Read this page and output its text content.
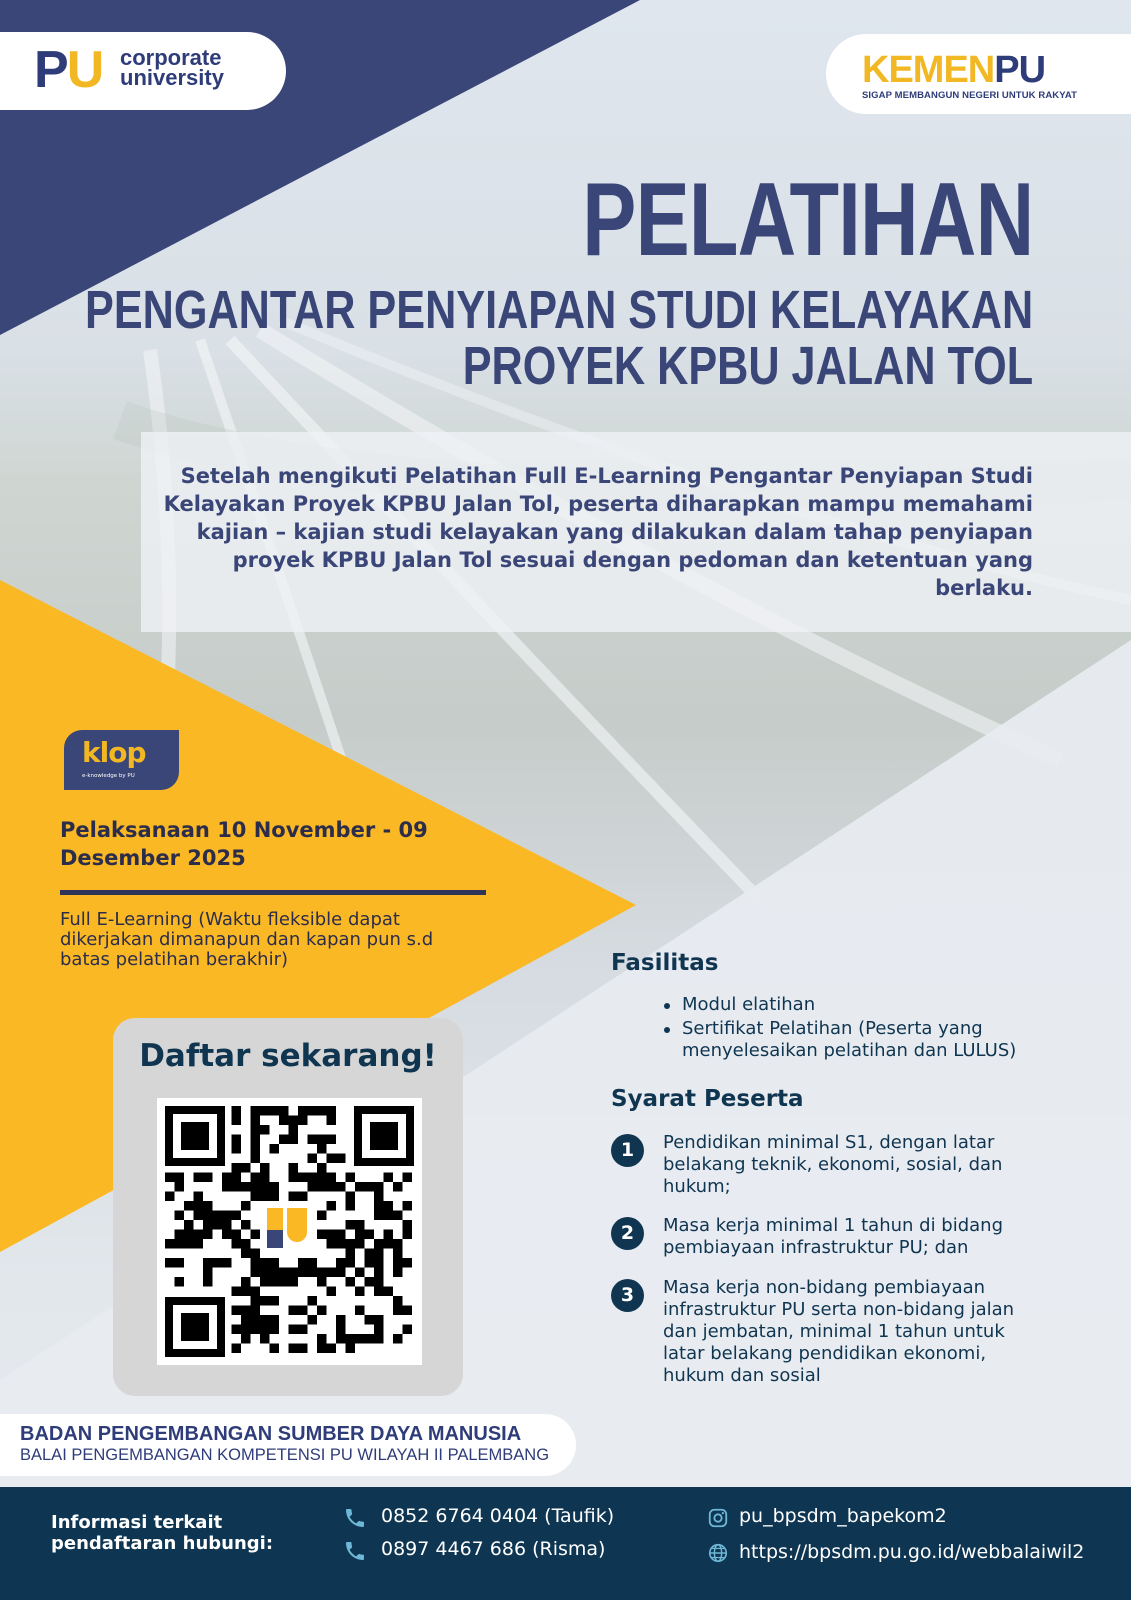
PU corporate
university	KEMENPU
SIGAP MEMBANGUN NEGERI UNTUK RAKYAT
PELATIHAN
PENGANTAR PENYIAPAN STUDI KELAYAKAN
PROYEK KPBU JALAN TOL
Setelah mengikuti Pelatihan Full E-Learning Pengantar Penyiapan Studi Kelayakan Proyek KPBU Jalan Tol, peserta diharapkan mampu memahami kajian – kajian studi kelayakan yang dilakukan dalam tahap penyiapan proyek KPBU Jalan Tol sesuai dengan pedoman dan ketentuan yang berlaku.
klop
e-knowledge by PU
Pelaksanaan 10 November - 09 Desember 2025
Full E-Learning (Waktu fleksible dapat dikerjakan dimanapun dan kapan pun s.d batas pelatihan berakhir)
Daftar sekarang!
Fasilitas
Modul elatihan
Sertifikat Pelatihan (Peserta yang menyelesaikan pelatihan dan LULUS)
Syarat Peserta
1	Pendidikan minimal S1, dengan latar belakang teknik, ekonomi, sosial, dan hukum;
2	Masa kerja minimal 1 tahun di bidang pembiayaan infrastruktur PU; dan
3	Masa kerja non-bidang pembiayaan infrastruktur PU serta non-bidang jalan dan jembatan, minimal 1 tahun untuk latar belakang pendidikan ekonomi, hukum dan sosial
BADAN PENGEMBANGAN SUMBER DAYA MANUSIA
BALAI PENGEMBANGAN KOMPETENSI PU WILAYAH II PALEMBANG
Informasi terkait pendaftaran hubungi:
0852 6764 0404 (Taufik)
0897 4467 686 (Risma)
pu_bpsdm_bapekom2
https://bpsdm.pu.go.id/webbalaiwil2
